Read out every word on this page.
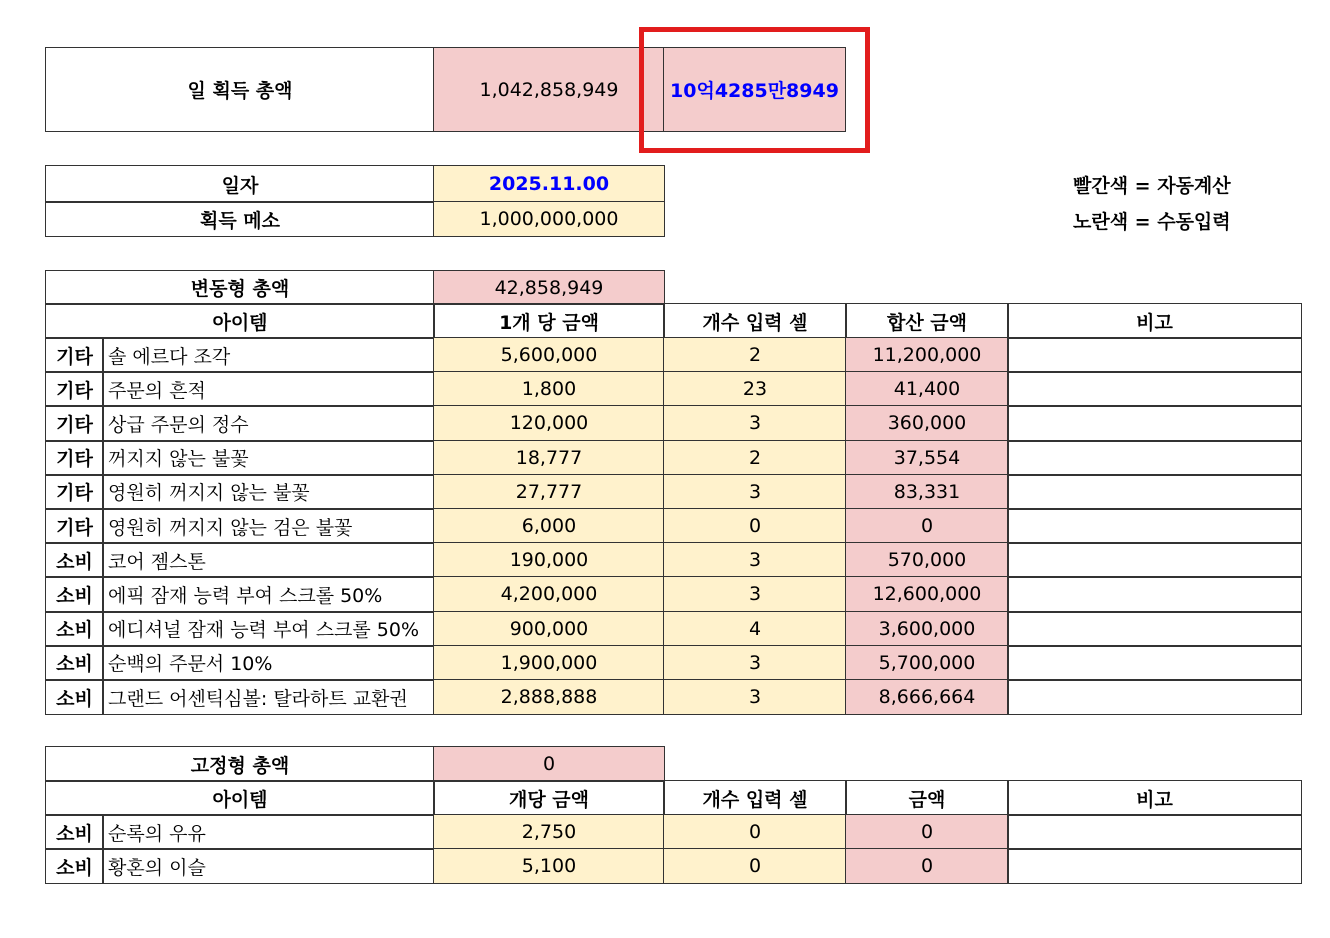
일 획득 총액	1,042,858,949	10억4285만8949
일자	2025.11.00
획득 메소	1,000,000,000
빨간색 = 자동계산
노란색 = 수동입력
변동형 총액	42,858,949
아이템	1개 당 금액	개수 입력 셀	합산 금액	비고
기타 솔 에르다 조각	5,600,000	2	11,200,000
기타 주문의 흔적	1,800	23	41,400
기타 상급 주문의 정수	120,000	3	360,000
기타 꺼지지 않는 불꽃	18,777	2	37,554
기타 영원히 꺼지지 않는 불꽃	27,777	3	83,331
기타 영원히 꺼지지 않는 검은 불꽃	6,000	0	0
소비 코어 젬스톤	190,000	3	570,000
소비 에픽 잠재 능력 부여 스크롤 50%	4,200,000	3	12,600,000
소비 에디셔널 잠재 능력 부여 스크롤 50%	900,000	4	3,600,000
소비 순백의 주문서 10%	1,900,000	3	5,700,000
소비 그랜드 어센틱심볼: 탈라하트 교환권	2,888,888	3	8,666,664
고정형 총액	0
아이템	개당 금액	개수 입력 셀	금액	비고
소비 순록의 우유	2,750	0	0
소비 황혼의 이슬	5,100	0	0
